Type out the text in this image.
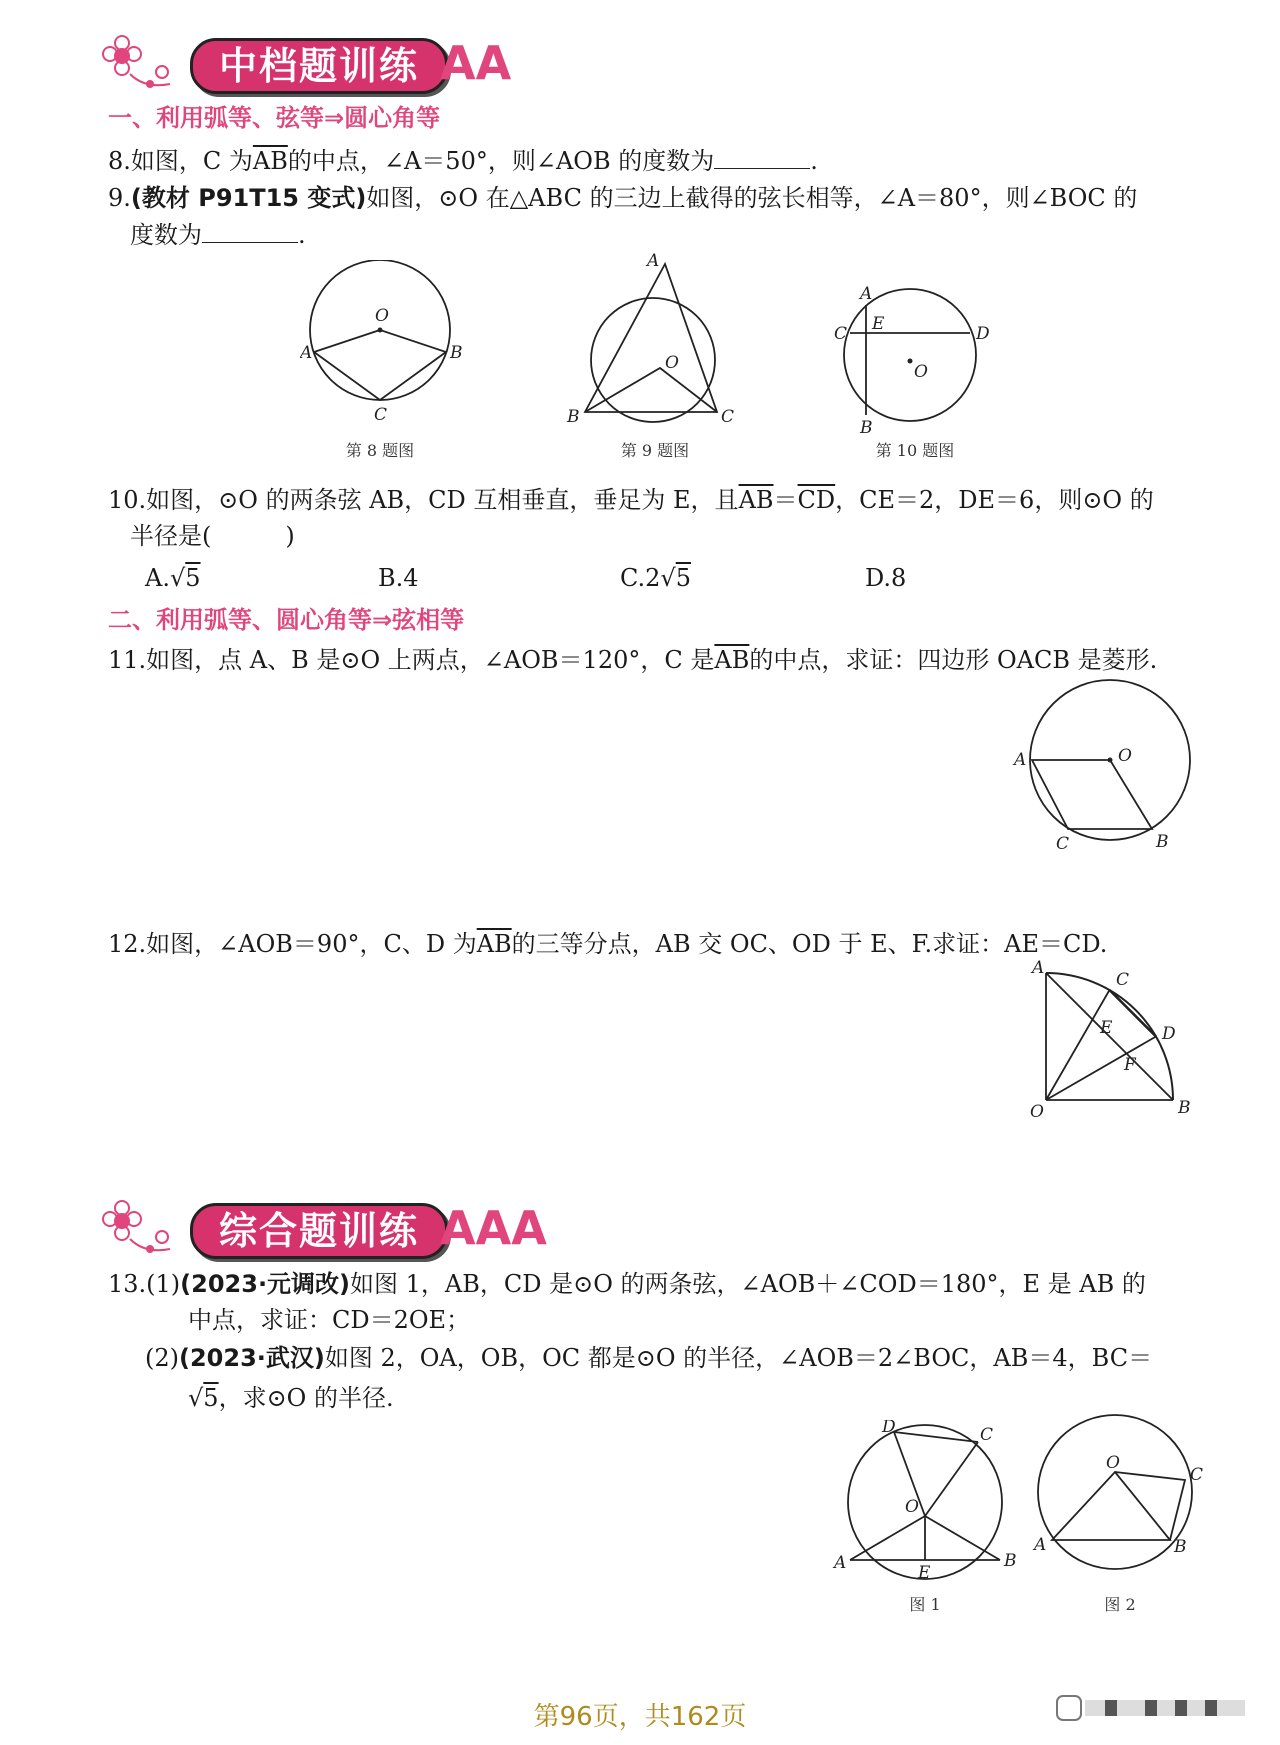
中档题训练 AA
一、利用弧等、弦等⇒圆心角等
8.如图，C 为$\overline{AB}$的中点，∠A＝50°，则∠AOB 的度数为	.
9.(教材 P91T15 变式)如图，⊙O 在△ABC 的三边上截得的弦长相等，∠A＝80°，则∠BOC 的
度数为	.
O
A	B
C
第 8 题图
A
O
B	C
第 9 题图
A
C E	D
O
B
第 10 题图
10.如图，⊙O 的两条弦 AB，CD 互相垂直，垂足为 E，且$\overline{AB}=\overline{CD}$，CE＝2，DE＝6，则⊙O 的
半径是(	)
A.√5	B.4	C.2√5	D.8
二、利用弧等、圆心角等⇒弦相等
11.如图，点 A、B 是⊙O 上两点，∠AOB＝120°，C 是$\overline{AB}$的中点，求证：四边形 OACB 是菱形.
A	O
C	B
12.如图，∠AOB＝90°，C、D 为$\overline{AB}$的三等分点，AB 交 OC、OD 于 E、F.求证：AE＝CD.
A
C
E	D
F
O	B
综合题训练 AAA
13.(1)(2023·元调改)如图 1，AB，CD 是⊙O 的两条弦，∠AOB＋∠COD＝180°，E 是 AB 的
中点，求证：CD＝2OE；
(2)(2023·武汉)如图 2，OA，OB，OC 都是⊙O 的半径，∠AOB＝2∠BOC，AB＝4，BC＝
√5，求⊙O 的半径.
D	C
O
A	E
B
图 1
O
C
A	B
图 2
第96页，共162页
